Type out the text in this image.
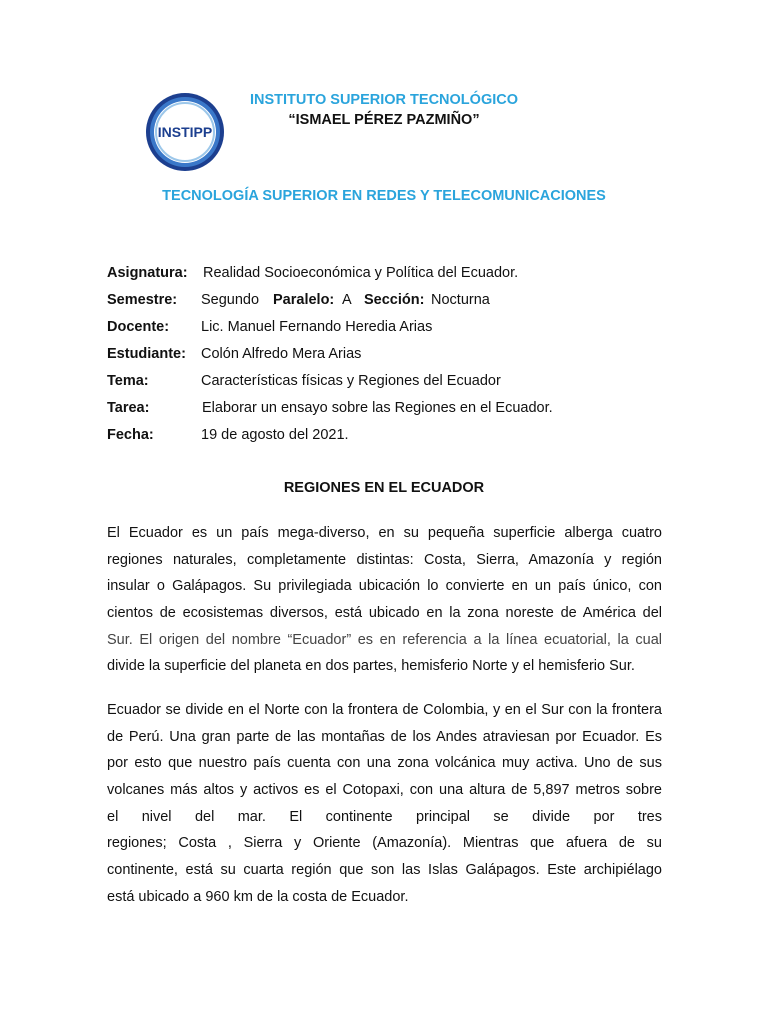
INSTIPP
INSTITUTO SUPERIOR TECNOLÓGICO
“ISMAEL PÉREZ PAZMIÑO”
TECNOLOGÍA SUPERIOR EN REDES Y TELECOMUNICACIONES
Asignatura: Realidad Socioeconómica y Política del Ecuador.
Semestre: Segundo Paralelo: A Sección: Nocturna
Docente: Lic. Manuel Fernando Heredia Arias
Estudiante: Colón Alfredo Mera Arias
Tema:	Características físicas y Regiones del Ecuador
Tarea:	Elaborar un ensayo sobre las Regiones en el Ecuador.
Fecha:	19 de agosto del 2021.
REGIONES EN EL ECUADOR
El Ecuador es un país mega-diverso, en su pequeña superficie alberga cuatro
regiones naturales, completamente distintas: Costa, Sierra, Amazonía y región
insular o Galápagos. Su privilegiada ubicación lo convierte en un país único, con
cientos de ecosistemas diversos, está ubicado en la zona noreste de América del
Sur. El origen del nombre “Ecuador” es en referencia a la línea ecuatorial, la cual
divide la superficie del planeta en dos partes, hemisferio Norte y el hemisferio Sur.
Ecuador se divide en el Norte con la frontera de Colombia, y en el Sur con la frontera
de Perú. Una gran parte de las montañas de los Andes atraviesan por Ecuador. Es
por esto que nuestro país cuenta con una zona volcánica muy activa. Uno de sus
volcanes más altos y activos es el Cotopaxi, con una altura de 5,897 metros sobre
el nivel del mar. El continente principal se divide por tres
regiones; Costa , Sierra y Oriente (Amazonía). Mientras que afuera de su
continente, está su cuarta región que son las Islas Galápagos. Este archipiélago
está ubicado a 960 km de la costa de Ecuador.
